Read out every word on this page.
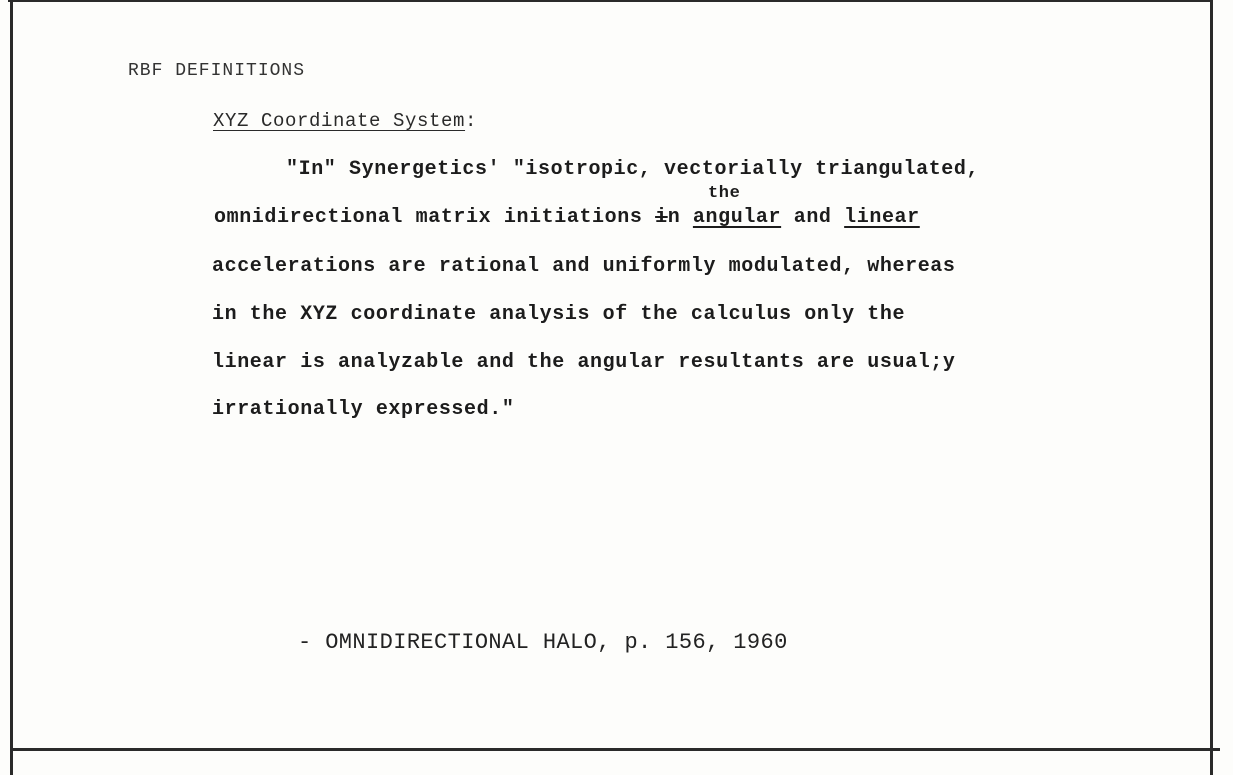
RBF DEFINITIONS
XYZ Coordinate System:
"In" Synergetics' "isotropic, vectorially triangulated,
the
omnidirectional matrix initiations in angular and linear
accelerations are rational and uniformly modulated, whereas
in the XYZ coordinate analysis of the calculus only the
linear is analyzable and the angular resultants are usual;y
irrationally expressed."
- OMNIDIRECTIONAL HALO, p. 156, 1960
